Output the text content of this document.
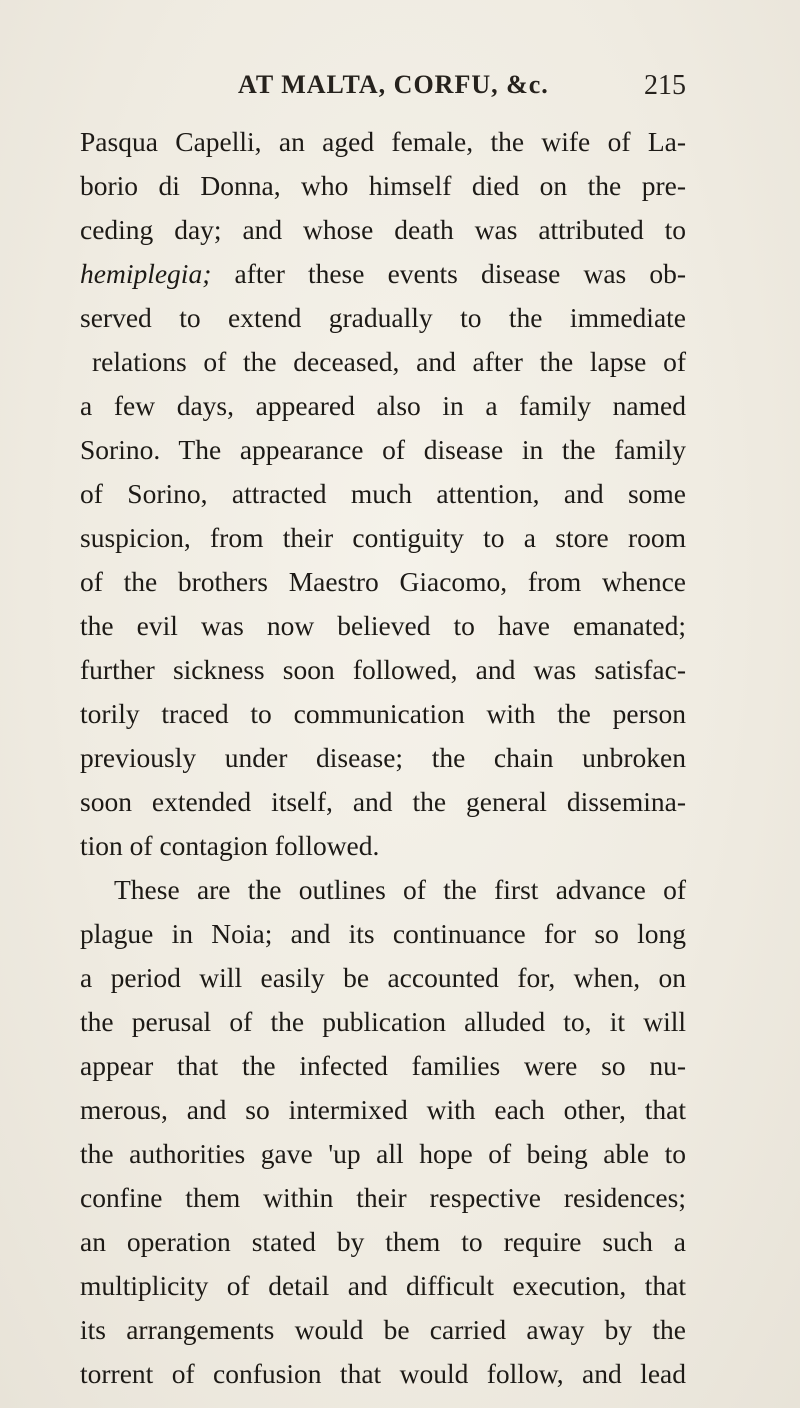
AT MALTA, CORFU, &c.	215
Pasqua Capelli, an aged female, the wife of La-
borio di Donna, who himself died on the pre-
ceding day; and whose death was attributed to
hemiplegia; after these events disease was ob-
served to extend gradually to the immediate
relations of the deceased, and after the lapse of
a few days, appeared also in a family named
Sorino. The appearance of disease in the family
of Sorino, attracted much attention, and some
suspicion, from their contiguity to a store room
of the brothers Maestro Giacomo, from whence
the evil was now believed to have emanated;
further sickness soon followed, and was satisfac-
torily traced to communication with the person
previously under disease; the chain unbroken
soon extended itself, and the general dissemina-
tion of contagion followed.
These are the outlines of the first advance of
plague in Noia; and its continuance for so long
a period will easily be accounted for, when, on
the perusal of the publication alluded to, it will
appear that the infected families were so nu-
merous, and so intermixed with each other, that
the authorities gave 'up all hope of being able to
confine them within their respective residences;
an operation stated by them to require such a
multiplicity of detail and difficult execution, that
its arrangements would be carried away by the
torrent of confusion that would follow, and lead
